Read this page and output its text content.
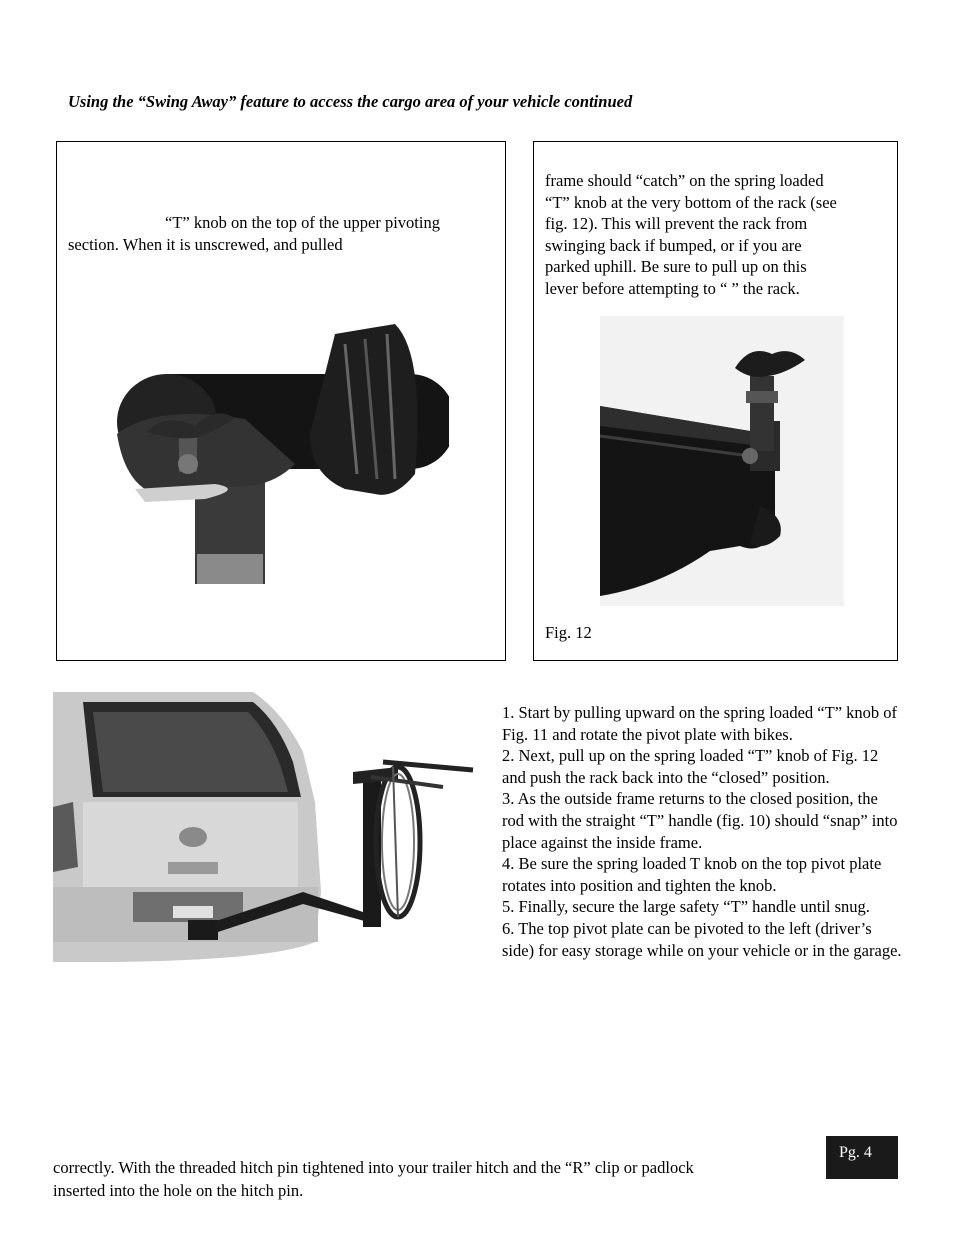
Using the “Swing Away” feature to access the cargo area of your vehicle continued
“T” knob on the top of the upper pivoting
section. When it is unscrewed, and pulled
frame should “catch” on the spring loaded
“T” knob at the very bottom of the rack (see
fig. 12). This will prevent the rack from
swinging back if bumped, or if you are
parked uphill. Be sure to pull up on this
lever before attempting to “ ” the rack.
Fig. 12

1. Start by pulling upward on the spring loaded “T” knob of Fig. 11 and rotate the pivot plate with bikes.

2. Next, pull up on the spring loaded “T” knob of Fig. 12 and push the rack back into the “closed” position.

3. As the outside frame returns to the closed position, the rod with the straight “T” handle (fig. 10) should “snap” into place against the inside frame.

4. Be sure the spring loaded T knob on the top pivot plate rotates into position and tighten the knob.

5. Finally, secure the large safety “T” handle until snug.

6. The top pivot plate can be pivoted to the left (driver’s side) for easy storage while on your vehicle or in the garage.

correctly. With the threaded hitch pin tightened into your trailer hitch and the “R” clip or padlock
inserted into the hole on the hitch pin.
Pg. 4
